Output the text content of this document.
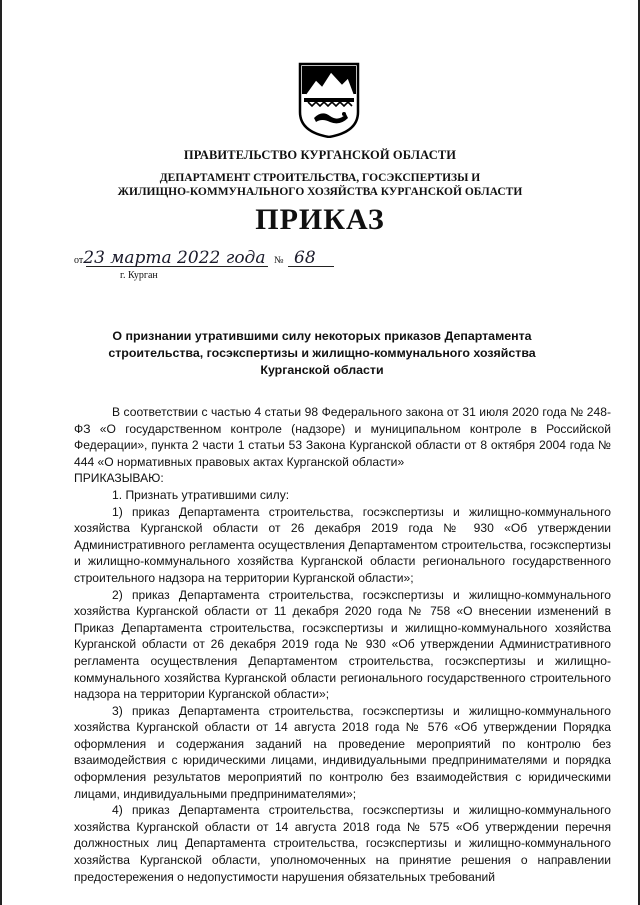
ПРАВИТЕЛЬСТВО КУРГАНСКОЙ ОБЛАСТИ
ДЕПАРТАМЕНТ СТРОИТЕЛЬСТВА, ГОСЭКСПЕРТИЗЫ И
ЖИЛИЩНО-КОММУНАЛЬНОГО ХОЗЯЙСТВА КУРГАНСКОЙ ОБЛАСТИ
ПРИКАЗ
от23 марта 2022 года № 68
г. Курган
О признании утратившими силу некоторых приказов Департамента строительства, госэкспертизы и жилищно-коммунального хозяйства Курганской области

В соответствии с частью 4 статьи 98 Федерального закона от 31 июля 2020 года № 248-ФЗ «О государственном контроле (надзоре) и муниципальном контроле в Российской Федерации», пункта 2 части 1 статьи 53 Закона Курганской области от 8 октября 2004 года № 444 «О нормативных правовых актах Курганской области»

ПРИКАЗЫВАЮ:

1. Признать утратившими силу:

1) приказ Департамента строительства, госэкспертизы и жилищно-коммунального хозяйства Курганской области от 26 декабря 2019 года № 930 «Об утверждении Административного регламента осуществления Департаментом строительства, госэкспертизы и жилищно-коммунального хозяйства Курганской области регионального государственного строительного надзора на территории Курганской области»;

2) приказ Департамента строительства, госэкспертизы и жилищно-коммунального хозяйства Курганской области от 11 декабря 2020 года № 758 «О внесении изменений в Приказ Департамента строительства, госэкспертизы и жилищно-коммунального хозяйства Курганской области от 26 декабря 2019 года № 930 «Об утверждении Административного регламента осуществления Департаментом строительства, госэкспертизы и жилищно-коммунального хозяйства Курганской области регионального государственного строительного надзора на территории Курганской области»;

3) приказ Департамента строительства, госэкспертизы и жилищно-коммунального хозяйства Курганской области от 14 августа 2018 года № 576 «Об утверждении Порядка оформления и содержания заданий на проведение мероприятий по контролю без взаимодействия с юридическими лицами, индивидуальными предпринимателями и порядка оформления результатов мероприятий по контролю без взаимодействия с юридическими лицами, индивидуальными предпринимателями»;

4) приказ Департамента строительства, госэкспертизы и жилищно-коммунального хозяйства Курганской области от 14 августа 2018 года № 575 «Об утверждении перечня должностных лиц Департамента строительства, госэкспертизы и жилищно-коммунального хозяйства Курганской области, уполномоченных на принятие решения о направлении предостережения о недопустимости нарушения обязательных требований
